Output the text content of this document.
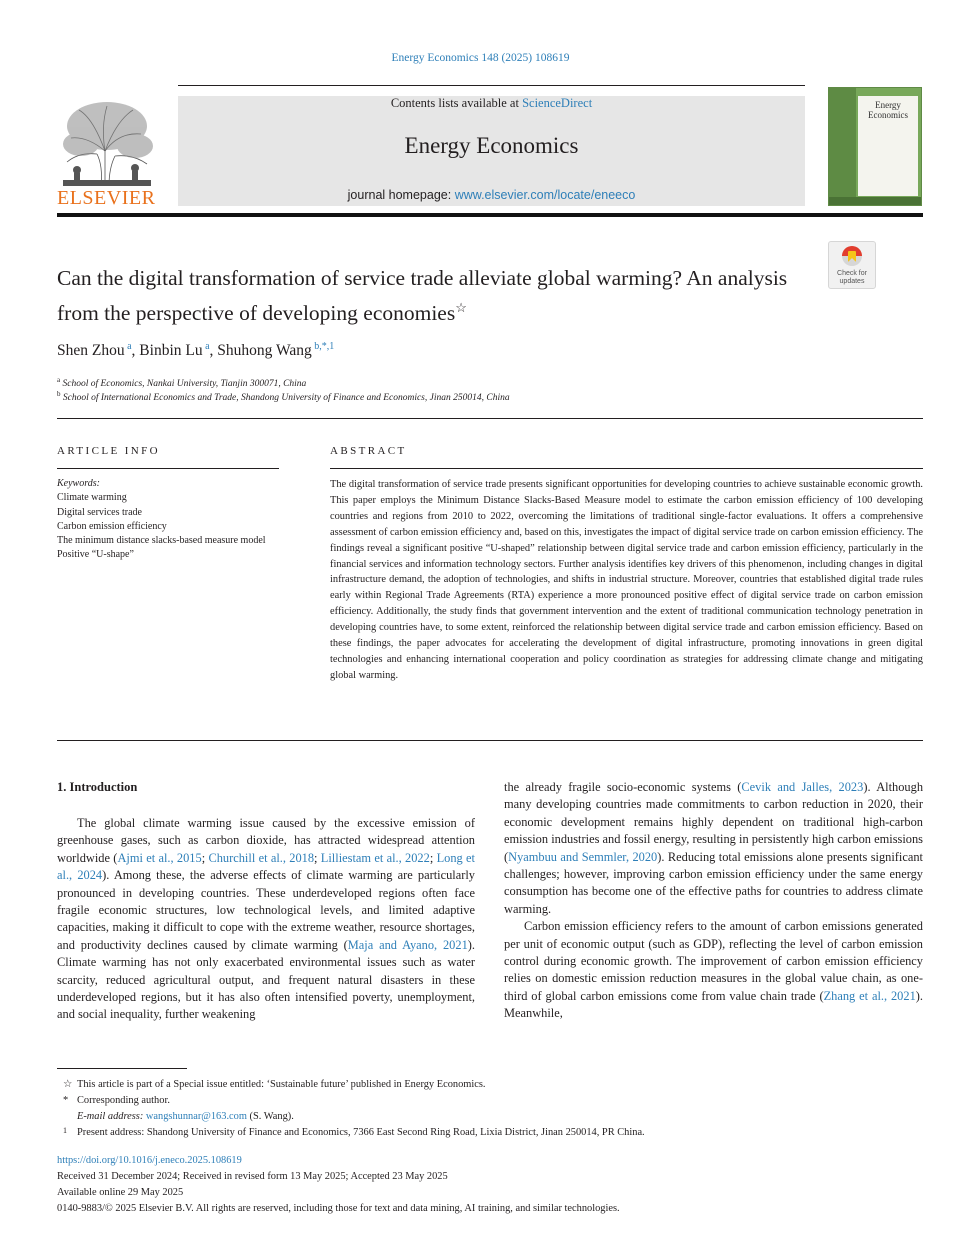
Energy Economics 148 (2025) 108619
ELSEVIER
Contents lists available at ScienceDirect
Energy Economics
journal homepage: www.elsevier.com/locate/eneeco
Energy Economics
Check for updates
Can the digital transformation of service trade alleviate global warming? An analysis from the perspective of developing economies☆
Shen Zhou $^a$, Binbin Lu $^a$, Shuhong Wang $^{b,*,1}$
$^a$ School of Economics, Nankai University, Tianjin 300071, China
$^b$ School of International Economics and Trade, Shandong University of Finance and Economics, Jinan 250014, China
ARTICLE INFO
Keywords:
Climate warming
Digital services trade
Carbon emission efficiency
The minimum distance slacks-based measure model
Positive “U-shape”
ABSTRACT
The digital transformation of service trade presents significant opportunities for developing countries to achieve sustainable economic growth. This paper employs the Minimum Distance Slacks-Based Measure model to estimate the carbon emission efficiency of 100 developing countries and regions from 2010 to 2022, overcoming the limitations of traditional single-factor evaluations. It offers a comprehensive assessment of carbon emission efficiency and, based on this, investigates the impact of digital service trade on carbon emission efficiency. The findings reveal a significant positive “U-shaped” relationship between digital service trade and carbon emission efficiency, particularly in the financial services and information technology sectors. Further analysis identifies key drivers of this phenomenon, including changes in digital infrastructure demand, the adoption of technologies, and shifts in industrial structure. Moreover, countries that established digital trade rules early within Regional Trade Agreements (RTA) experience a more pronounced positive effect of digital service trade on carbon emission efficiency. Additionally, the study finds that government intervention and the extent of traditional communication technology penetration in developing countries have, to some extent, reinforced the relationship between digital service trade and carbon emission efficiency. Based on these findings, the paper advocates for accelerating the development of digital infrastructure, promoting innovations in green digital technologies and enhancing international cooperation and policy coordination as strategies for addressing climate change and mitigating global warming.
1. Introduction

The global climate warming issue caused by the excessive emission of greenhouse gases, such as carbon dioxide, has attracted widespread attention worldwide (Ajmi et al., 2015; Churchill et al., 2018; Lilliestam et al., 2022; Long et al., 2024). Among these, the adverse effects of climate warming are particularly pronounced in developing countries. These underdeveloped regions often face fragile economic structures, low technological levels, and limited adaptive capacities, making it difficult to cope with the extreme weather, resource shortages, and productivity declines caused by climate warming (Maja and Ayano, 2021). Climate warming has not only exacerbated environmental issues such as water scarcity, reduced agricultural output, and frequent natural disasters in these underdeveloped regions, but it has also often intensified poverty, unemployment, and social inequality, further weakening

the already fragile socio-economic systems (Cevik and Jalles, 2023). Although many developing countries made commitments to carbon reduction in 2020, their economic development remains highly dependent on traditional high-carbon emission industries and fossil energy, resulting in persistently high carbon emissions (Nyambuu and Semmler, 2020). Reducing total emissions alone presents significant challenges; however, improving carbon emission efficiency under the same energy consumption has become one of the effective paths for countries to address climate warming.

Carbon emission efficiency refers to the amount of carbon emissions generated per unit of economic output (such as GDP), reflecting the level of carbon emission control during economic growth. The improvement of carbon emission efficiency relies on domestic emission reduction measures in the global value chain, as one-third of global carbon emissions come from value chain trade (Zhang et al., 2021). Meanwhile,

☆ This article is part of a Special issue entitled: ‘Sustainable future’ published in Energy Economics.
* Corresponding author.
E-mail address: wangshunnar@163.com (S. Wang).
1 Present address: Shandong University of Finance and Economics, 7366 East Second Ring Road, Lixia District, Jinan 250014, PR China.
https://doi.org/10.1016/j.eneco.2025.108619
Received 31 December 2024; Received in revised form 13 May 2025; Accepted 23 May 2025
Available online 29 May 2025
0140-9883/© 2025 Elsevier B.V. All rights are reserved, including those for text and data mining, AI training, and similar technologies.
